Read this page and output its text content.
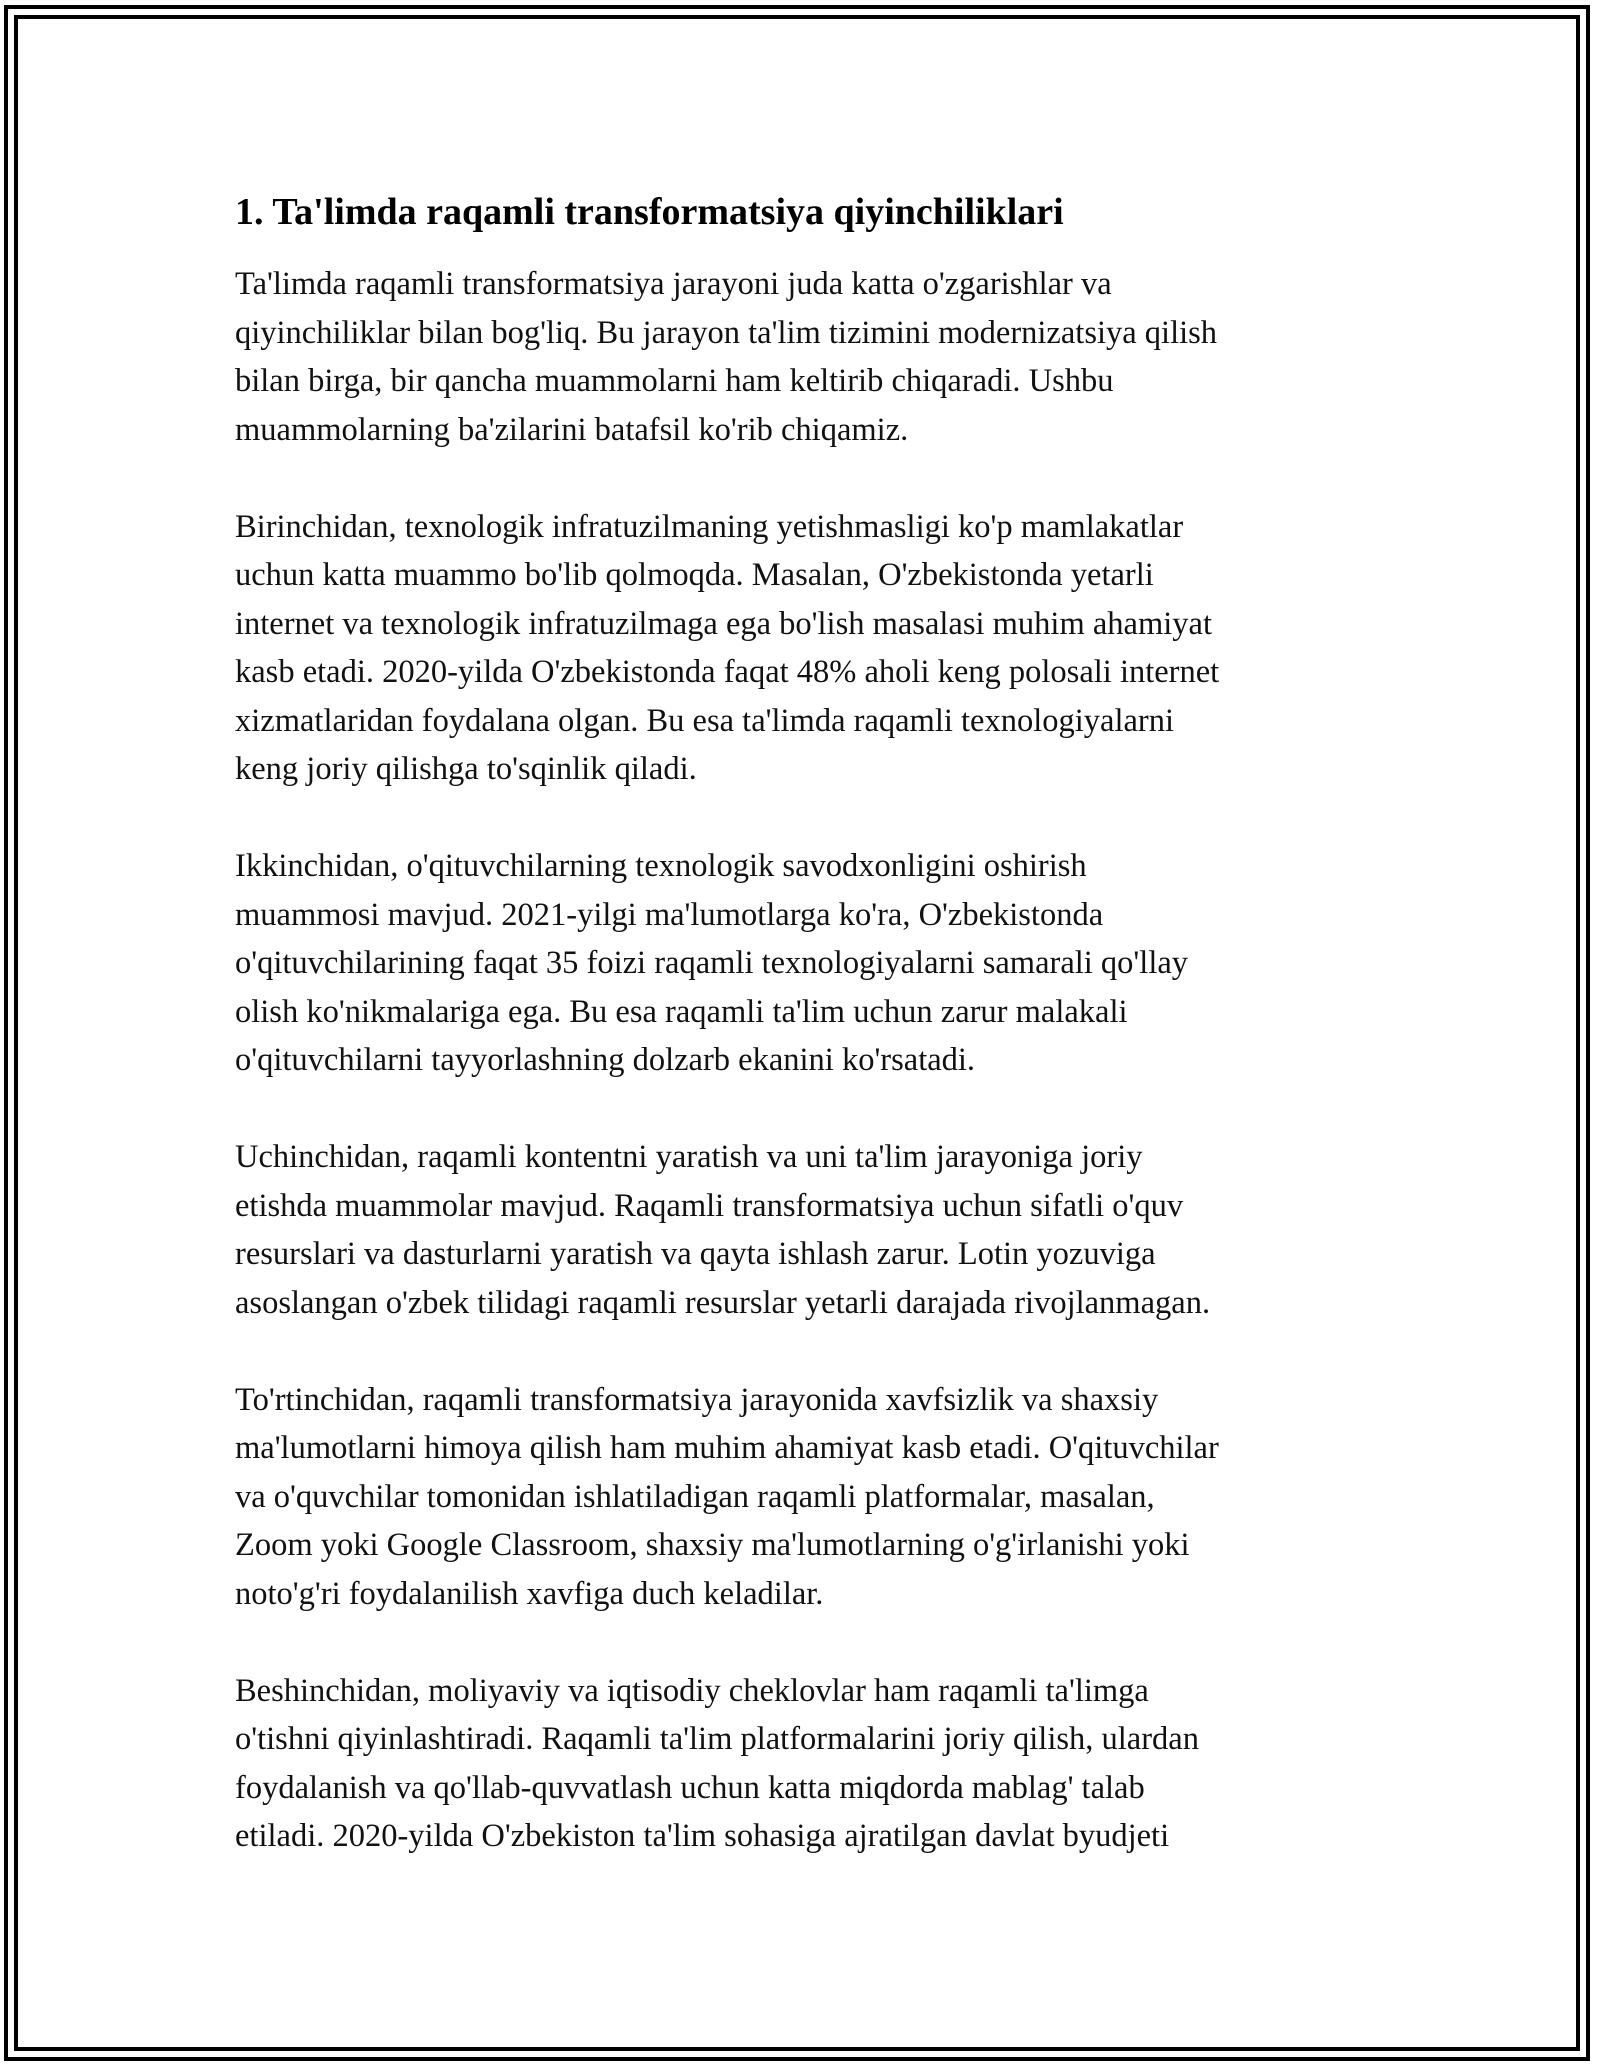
1. Ta'limda raqamli transformatsiya qiyinchiliklari

Ta'limda raqamli transformatsiya jarayoni juda katta o'zgarishlar va
qiyinchiliklar bilan bog'liq. Bu jarayon ta'lim tizimini modernizatsiya qilish
bilan birga, bir qancha muammolarni ham keltirib chiqaradi. Ushbu
muammolarning ba'zilarini batafsil ko'rib chiqamiz.

Birinchidan, texnologik infratuzilmaning yetishmasligi ko'p mamlakatlar
uchun katta muammo bo'lib qolmoqda. Masalan, O'zbekistonda yetarli
internet va texnologik infratuzilmaga ega bo'lish masalasi muhim ahamiyat
kasb etadi. 2020-yilda O'zbekistonda faqat 48% aholi keng polosali internet
xizmatlaridan foydalana olgan. Bu esa ta'limda raqamli texnologiyalarni
keng joriy qilishga to'sqinlik qiladi.

Ikkinchidan, o'qituvchilarning texnologik savodxonligini oshirish
muammosi mavjud. 2021-yilgi ma'lumotlarga ko'ra, O'zbekistonda
o'qituvchilarining faqat 35 foizi raqamli texnologiyalarni samarali qo'llay
olish ko'nikmalariga ega. Bu esa raqamli ta'lim uchun zarur malakali
o'qituvchilarni tayyorlashning dolzarb ekanini ko'rsatadi.

Uchinchidan, raqamli kontentni yaratish va uni ta'lim jarayoniga joriy
etishda muammolar mavjud. Raqamli transformatsiya uchun sifatli o'quv
resurslari va dasturlarni yaratish va qayta ishlash zarur. Lotin yozuviga
asoslangan o'zbek tilidagi raqamli resurslar yetarli darajada rivojlanmagan.

To'rtinchidan, raqamli transformatsiya jarayonida xavfsizlik va shaxsiy
ma'lumotlarni himoya qilish ham muhim ahamiyat kasb etadi. O'qituvchilar
va o'quvchilar tomonidan ishlatiladigan raqamli platformalar, masalan,
Zoom yoki Google Classroom, shaxsiy ma'lumotlarning o'g'irlanishi yoki
noto'g'ri foydalanilish xavfiga duch keladilar.

Beshinchidan, moliyaviy va iqtisodiy cheklovlar ham raqamli ta'limga
o'tishni qiyinlashtiradi. Raqamli ta'lim platformalarini joriy qilish, ulardan
foydalanish va qo'llab-quvvatlash uchun katta miqdorda mablag' talab
etiladi. 2020-yilda O'zbekiston ta'lim sohasiga ajratilgan davlat byudjeti
